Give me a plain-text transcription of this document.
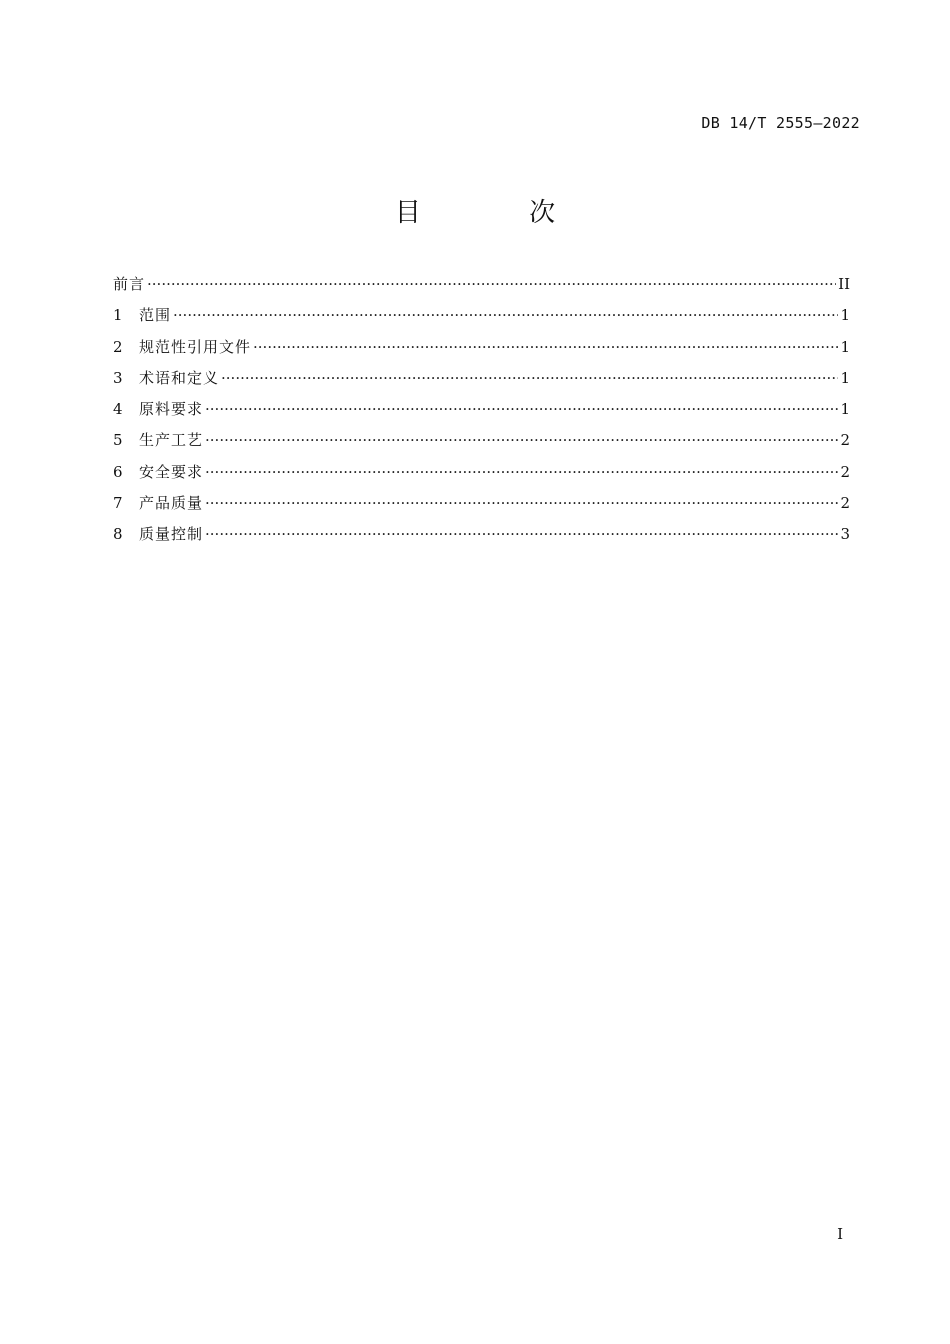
DB 14/T 2555—2022
目 次
前言 ·····	II
1	范围 ·····	1
2	规范性引用文件 ·····	1
3	术语和定义 ·····	1
4	原料要求 ·····	1
5	生产工艺 ·····	2
6	安全要求 ·····	2
7	产品质量 ·····	2
8	质量控制 ·····	3
I
